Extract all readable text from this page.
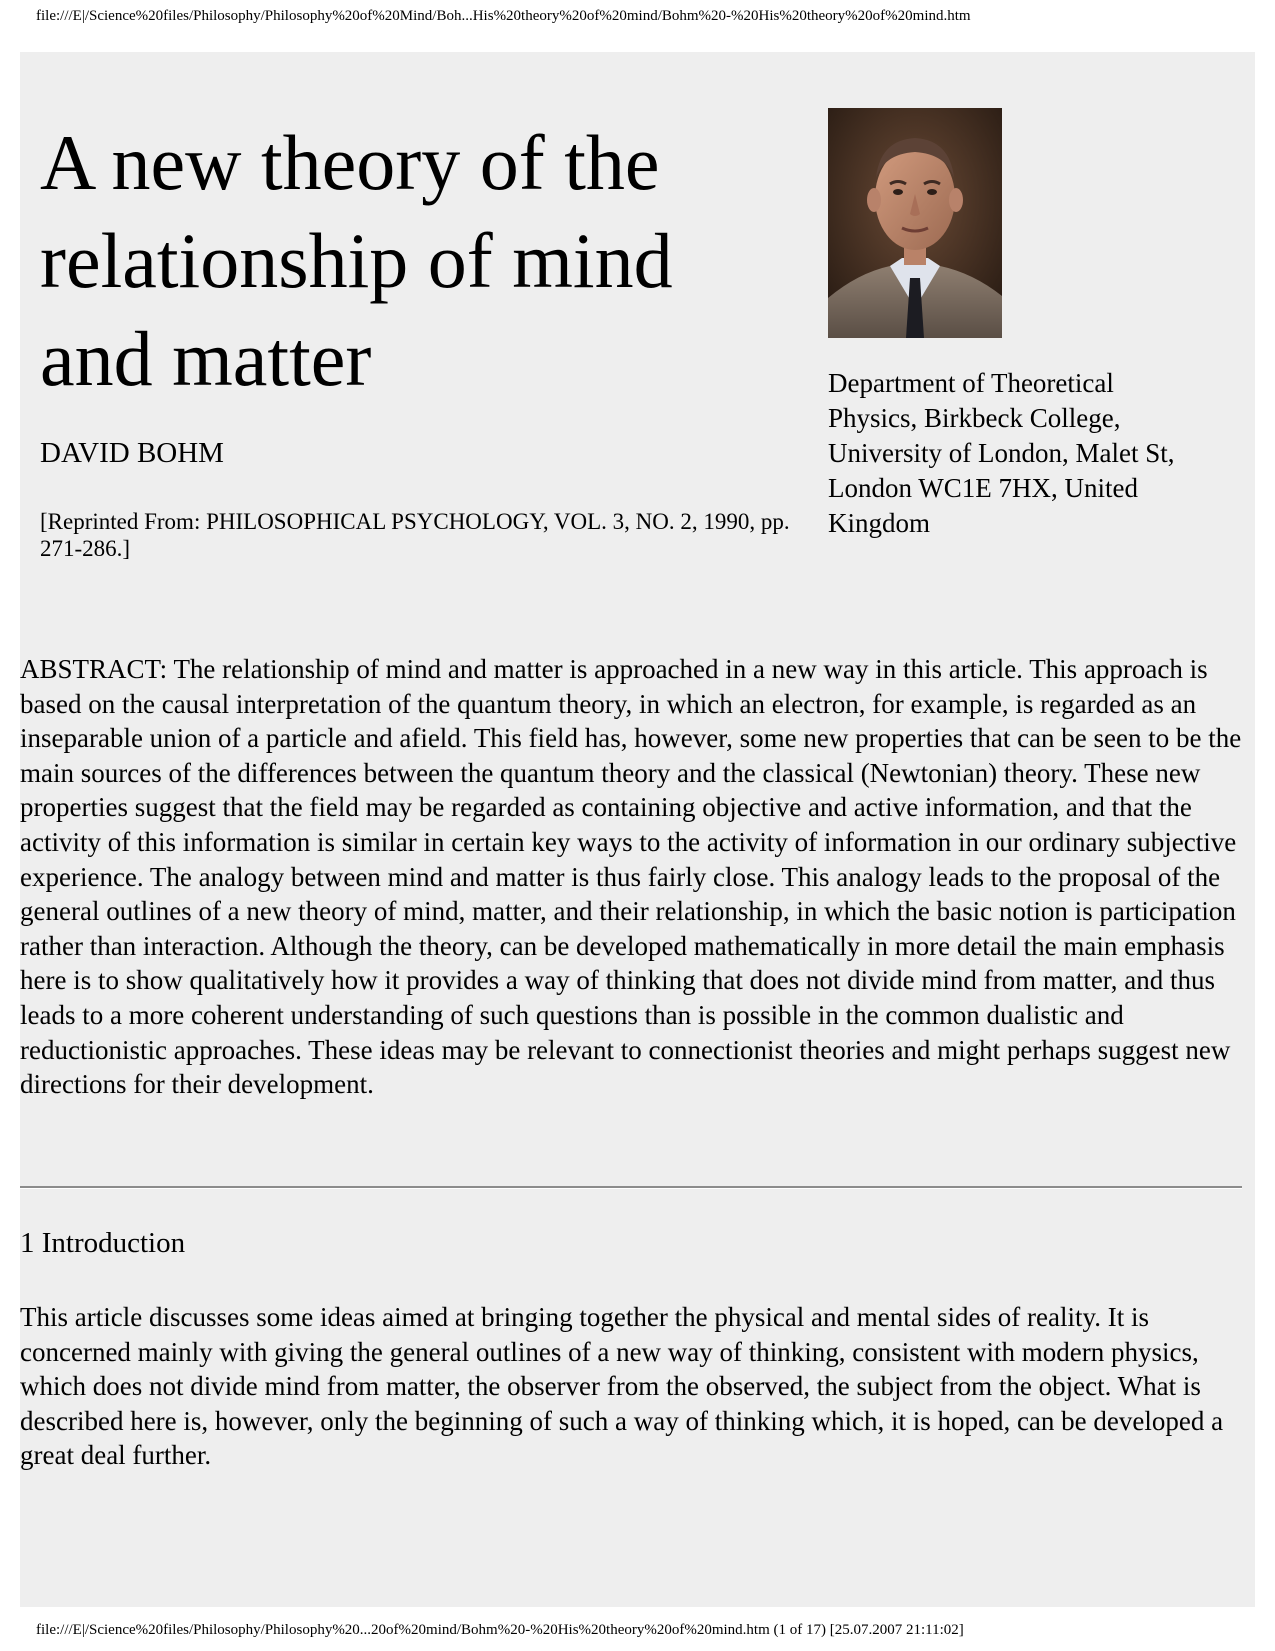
file:///E|/Science%20files/Philosophy/Philosophy%20of%20Mind/Boh...His%20theory%20of%20mind/Bohm%20-%20His%20theory%20of%20mind.htm
A new theory of the relationship of mind and matter
DAVID BOHM
[Reprinted From: PHILOSOPHICAL PSYCHOLOGY, VOL. 3, NO. 2, 1990, pp. 271-286.]
Department of Theoretical Physics, Birkbeck College, University of London, Malet St, London WC1E 7HX, United Kingdom

ABSTRACT: The relationship of mind and matter is approached in a new way in this article. This approach is based on the causal interpretation of the quantum theory, in which an electron, for example, is regarded as an inseparable union of a particle and afield. This field has, however, some new properties that can be seen to be the main sources of the differences between the quantum theory and the classical (Newtonian) theory. These new properties suggest that the field may be regarded as containing objective and active information, and that the activity of this information is similar in certain key ways to the activity of information in our ordinary subjective experience. The analogy between mind and matter is thus fairly close. This analogy leads to the proposal of the general outlines of a new theory of mind, matter, and their relationship, in which the basic notion is participation rather than interaction. Although the theory, can be developed mathematically in more detail the main emphasis here is to show qualitatively how it provides a way of thinking that does not divide mind from matter, and thus leads to a more coherent understanding of such questions than is possible in the common dualistic and reductionistic approaches. These ideas may be relevant to connectionist theories and might perhaps suggest new directions for their development.

1 Introduction

This article discusses some ideas aimed at bringing together the physical and mental sides of reality. It is concerned mainly with giving the general outlines of a new way of thinking, consistent with modern physics, which does not divide mind from matter, the observer from the observed, the subject from the object. What is described here is, however, only the beginning of such a way of thinking which, it is hoped, can be developed a great deal further.

file:///E|/Science%20files/Philosophy/Philosophy%20...20of%20mind/Bohm%20-%20His%20theory%20of%20mind.htm (1 of 17) [25.07.2007 21:11:02]
